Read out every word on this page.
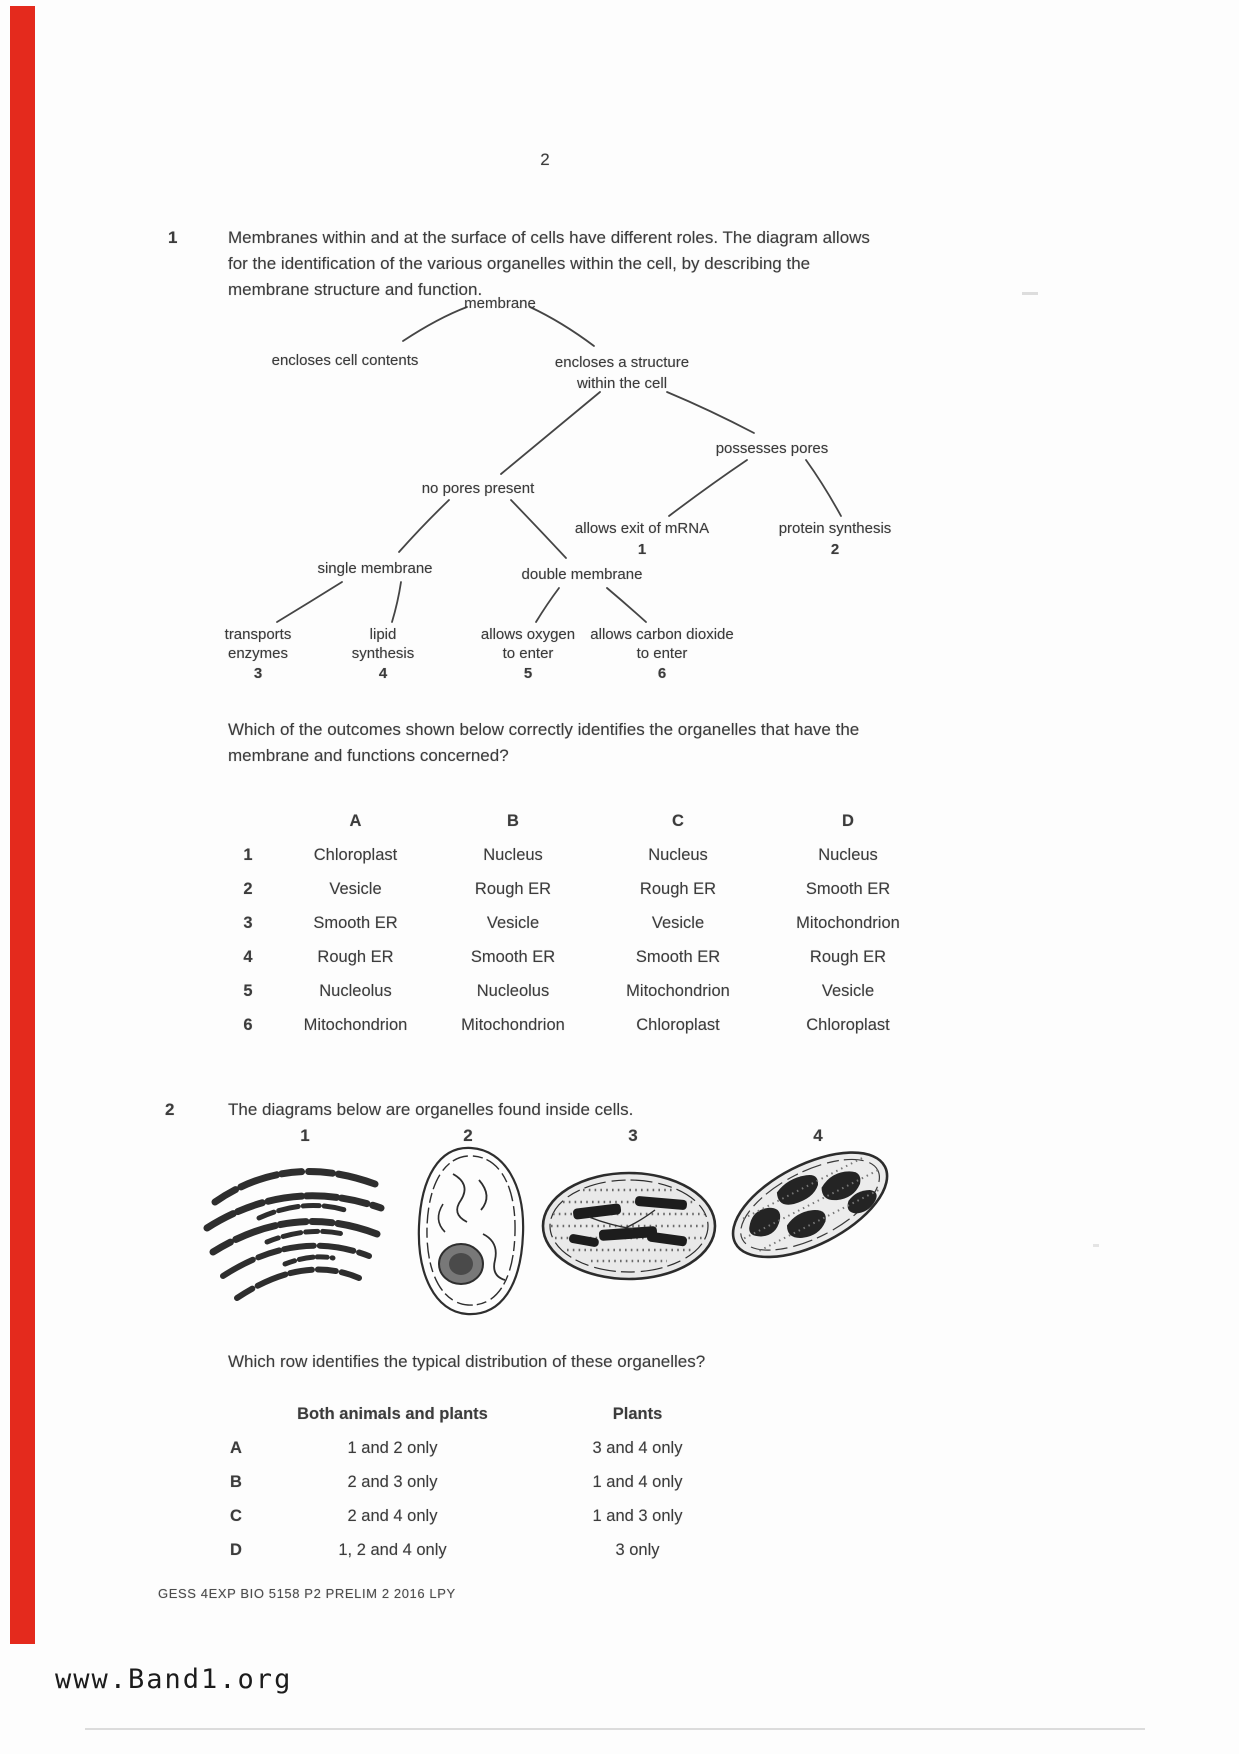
2
1	Membranes within and at the surface of cells have different roles. The diagram allows
for the identification of the various organelles within the cell, by describing the
membrane structure and function.
membrane
encloses cell contents	encloses a structure
within the cell
possesses pores
no pores present
allows exit of mRNA
1
protein synthesis
2
single membrane	double membrane
transports
enzymes
3
lipid
synthesis
4
allows oxygen
to enter
5
allows carbon dioxide
to enter
6
Which of the outcomes shown below correctly identifies the organelles that have the
membrane and functions concerned?
A	B	C	D
1	Chloroplast	Nucleus	Nucleus	Nucleus
2	Vesicle	Rough ER	Rough ER	Smooth ER
3	Smooth ER	Vesicle	Vesicle	Mitochondrion
4	Rough ER	Smooth ER	Smooth ER	Rough ER
5	Nucleolus	Nucleolus	Mitochondrion	Vesicle
6	Mitochondrion	Mitochondrion	Chloroplast	Chloroplast
2	The diagrams below are organelles found inside cells.
1	2	3	4
Which row identifies the typical distribution of these organelles?
Both animals and plants	Plants
A	1 and 2 only	3 and 4 only
B	2 and 3 only	1 and 4 only
C	2 and 4 only	1 and 3 only
D	1, 2 and 4 only	3 only
GESS 4EXP BIO 5158 P2 PRELIM 2 2016 LPY
www.Band1.org
